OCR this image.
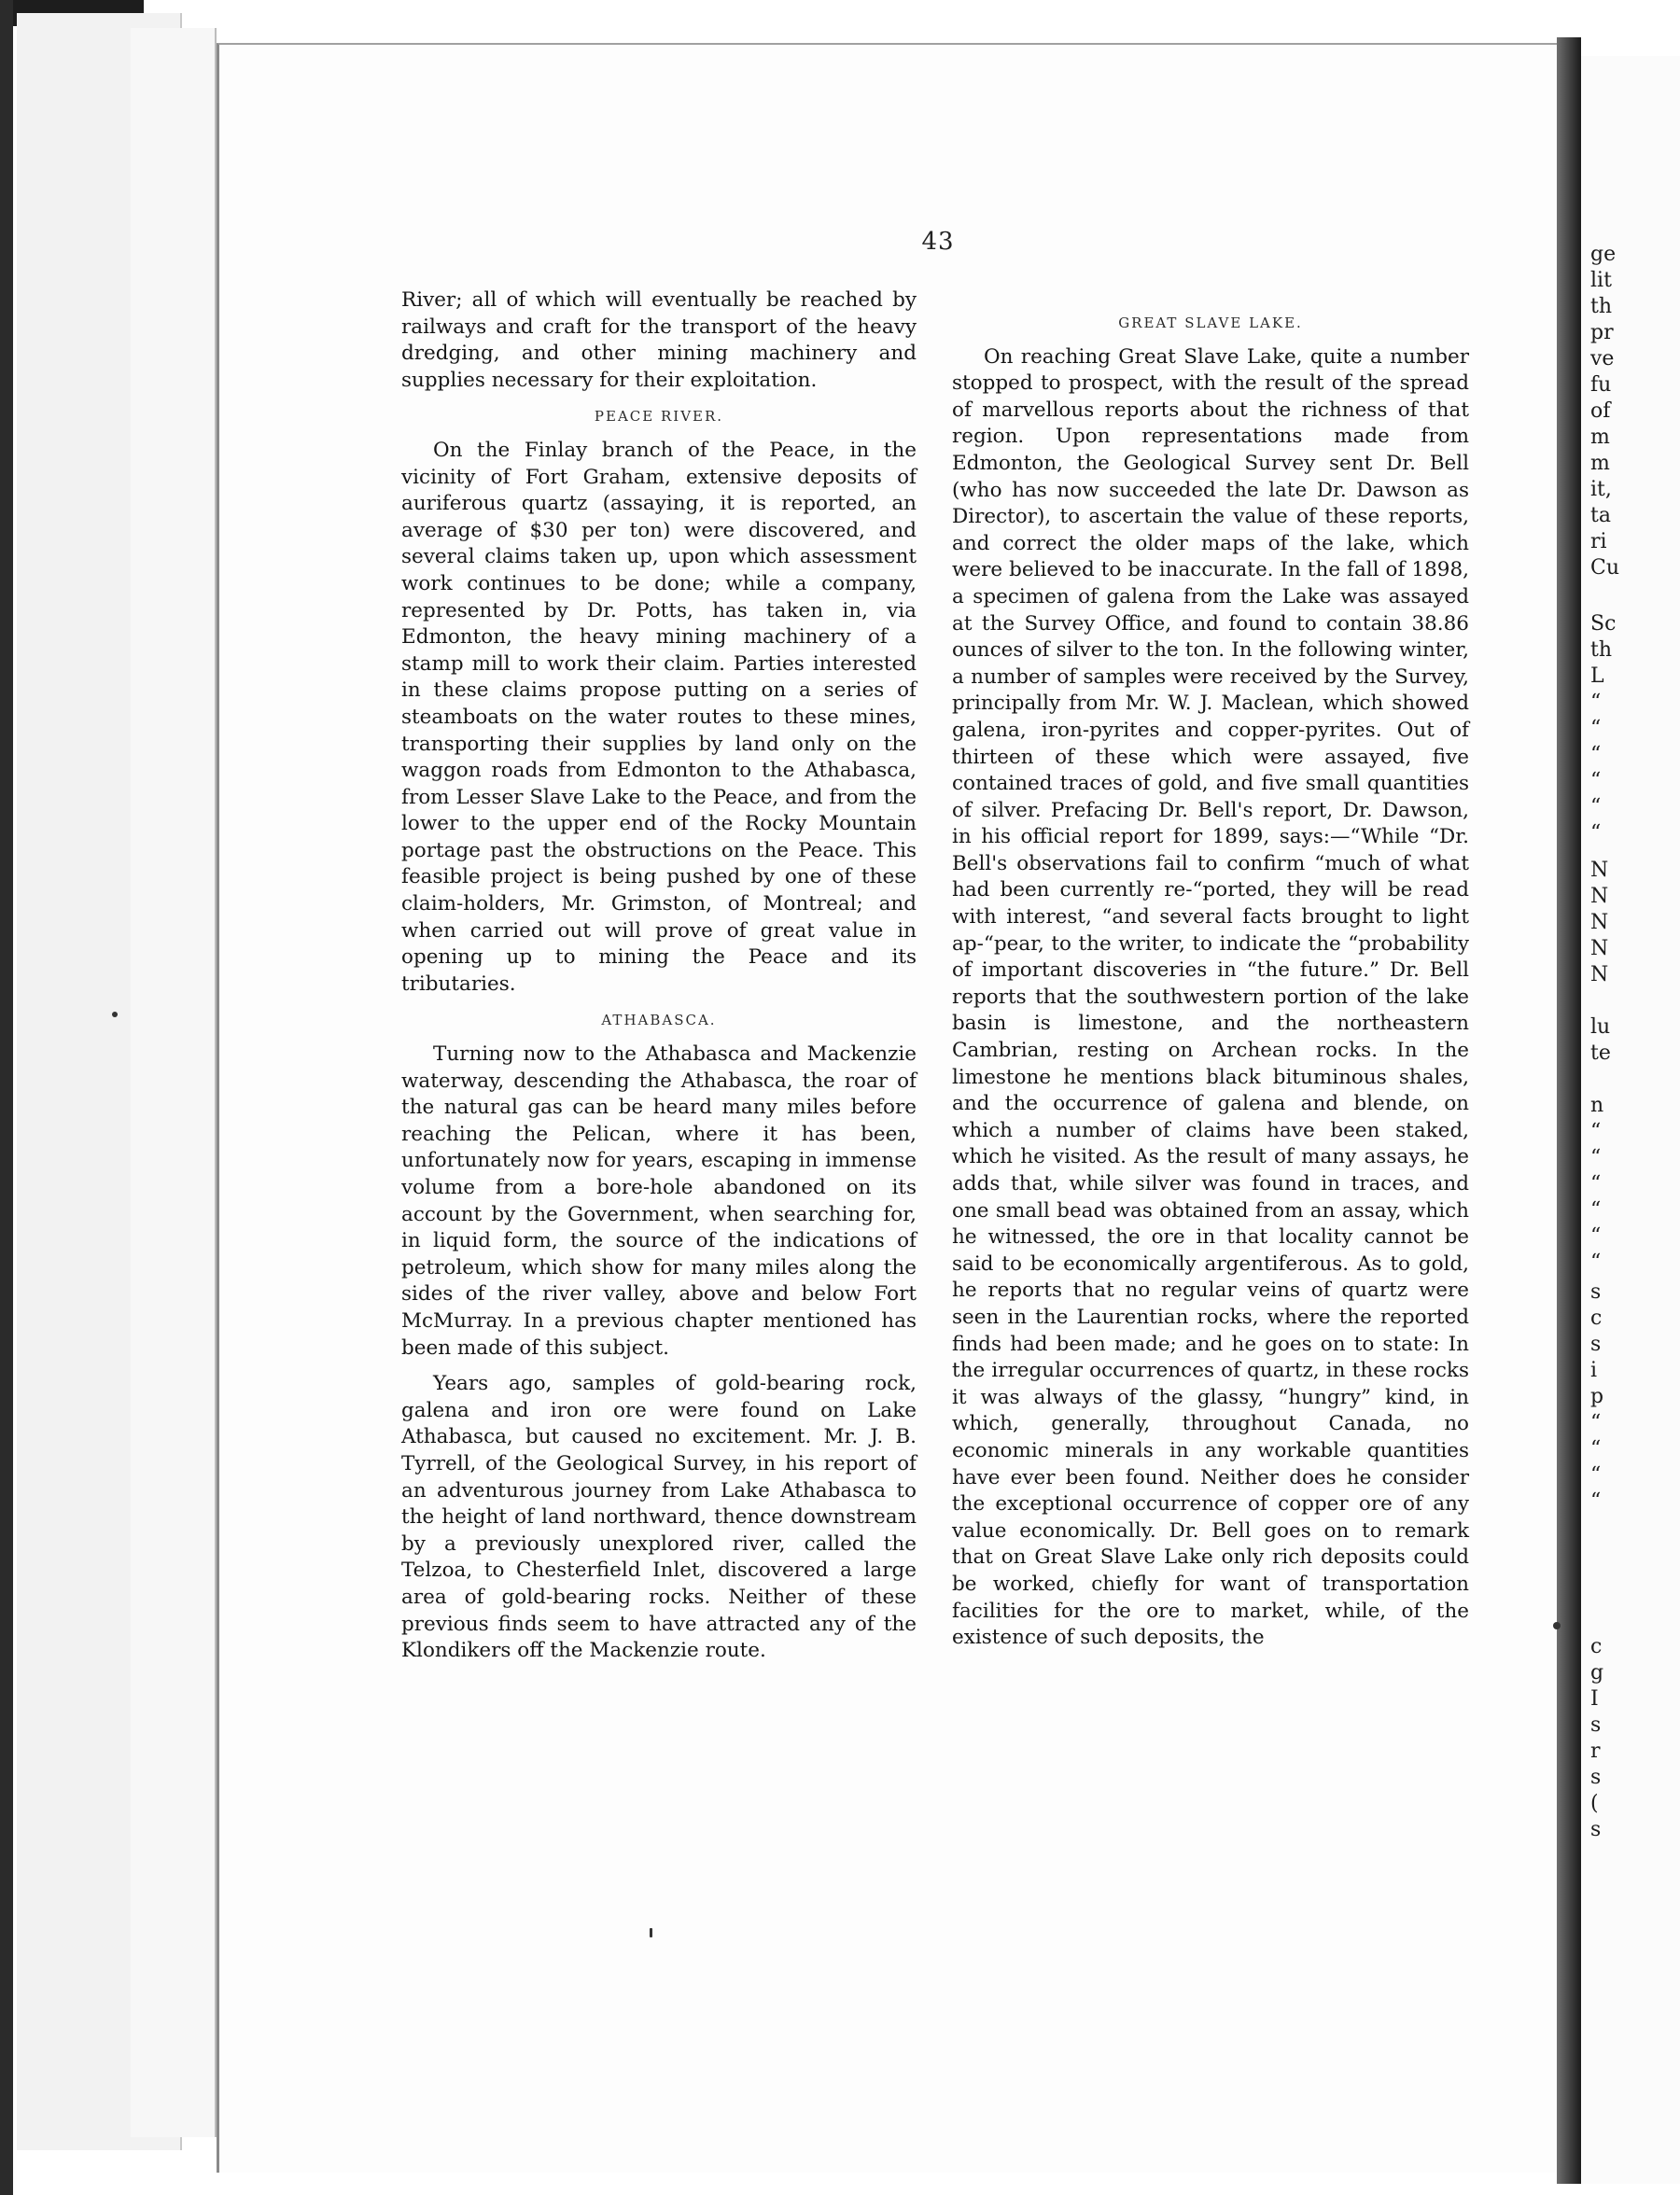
ge
lit
th
pr
ve
fu
of
m
m
it,
ta
ri
Cu
Sc
th
L
“
“
“
“
“
“
N
N
N
N
N
lu
te
n
“
“
“
“
“
“
s
c
s
i
p
“
“
“
“
c
g
I
s
r
s
(
s
43

River; all of which will eventually be reached by railways and craft for the transport of the heavy dredging, and other mining machinery and supplies necessary for their exploitation.

PEACE RIVER.

On the Finlay branch of the Peace, in the vicinity of Fort Graham, extensive deposits of auriferous quartz (assaying, it is reported, an average of $30 per ton) were discovered, and several claims taken up, upon which assessment work continues to be done; while a company, represented by Dr. Potts, has taken in, via Edmonton, the heavy mining machinery of a stamp mill to work their claim. Parties interested in these claims propose putting on a series of steamboats on the water routes to these mines, transporting their supplies by land only on the waggon roads from Edmonton to the Athabasca, from Lesser Slave Lake to the Peace, and from the lower to the upper end of the Rocky Mountain portage past the obstructions on the Peace. This feasible project is being pushed by one of these claim-holders, Mr. Grimston, of Montreal; and when carried out will prove of great value in opening up to mining the Peace and its tributaries.

ATHABASCA.

Turning now to the Athabasca and Mackenzie waterway, descending the Athabasca, the roar of the natural gas can be heard many miles before reaching the Pelican, where it has been, unfortunately now for years, escaping in immense volume from a bore-hole abandoned on its account by the Government, when searching for, in liquid form, the source of the indications of petroleum, which show for many miles along the sides of the river valley, above and below Fort McMurray. In a previous chapter mentioned has been made of this subject.

Years ago, samples of gold-bearing rock, galena and iron ore were found on Lake Athabasca, but caused no excitement. Mr. J. B. Tyrrell, of the Geological Survey, in his report of an adventurous journey from Lake Athabasca to the height of land northward, thence downstream by a previously unexplored river, called the Telzoa, to Chesterfield Inlet, discovered a large area of gold-bearing rocks. Neither of these previous finds seem to have attracted any of the Klondikers off the Mackenzie route.

GREAT SLAVE LAKE.

On reaching Great Slave Lake, quite a number stopped to prospect, with the result of the spread of marvellous reports about the richness of that region. Upon representations made from Edmonton, the Geological Survey sent Dr. Bell (who has now succeeded the late Dr. Dawson as Director), to ascertain the value of these reports, and correct the older maps of the lake, which were believed to be inaccurate. In the fall of 1898, a specimen of galena from the Lake was assayed at the Survey Office, and found to contain 38.86 ounces of silver to the ton. In the following winter, a number of samples were received by the Survey, principally from Mr. W. J. Maclean, which showed galena, iron-pyrites and copper-pyrites. Out of thirteen of these which were assayed, five contained traces of gold, and five small quantities of silver. Prefacing Dr. Bell's report, Dr. Dawson, in his official report for 1899, says:—“While “Dr. Bell's observations fail to confirm “much of what had been currently re-“ported, they will be read with interest, “and several facts brought to light ap-“pear, to the writer, to indicate the “probability of important discoveries in “the future.” Dr. Bell reports that the southwestern portion of the lake basin is limestone, and the northeastern Cambrian, resting on Archean rocks. In the limestone he mentions black bituminous shales, and the occurrence of galena and blende, on which a number of claims have been staked, which he visited. As the result of many assays, he adds that, while silver was found in traces, and one small bead was obtained from an assay, which he witnessed, the ore in that locality cannot be said to be economically argentiferous. As to gold, he reports that no regular veins of quartz were seen in the Laurentian rocks, where the reported finds had been made; and he goes on to state: In the irregular occurrences of quartz, in these rocks it was always of the glassy, “hungry” kind, in which, generally, throughout Canada, no economic minerals in any workable quantities have ever been found. Neither does he consider the exceptional occurrence of copper ore of any value economically. Dr. Bell goes on to remark that on Great Slave Lake only rich deposits could be worked, chiefly for want of transportation facilities for the ore to market, while, of the existence of such deposits, the
